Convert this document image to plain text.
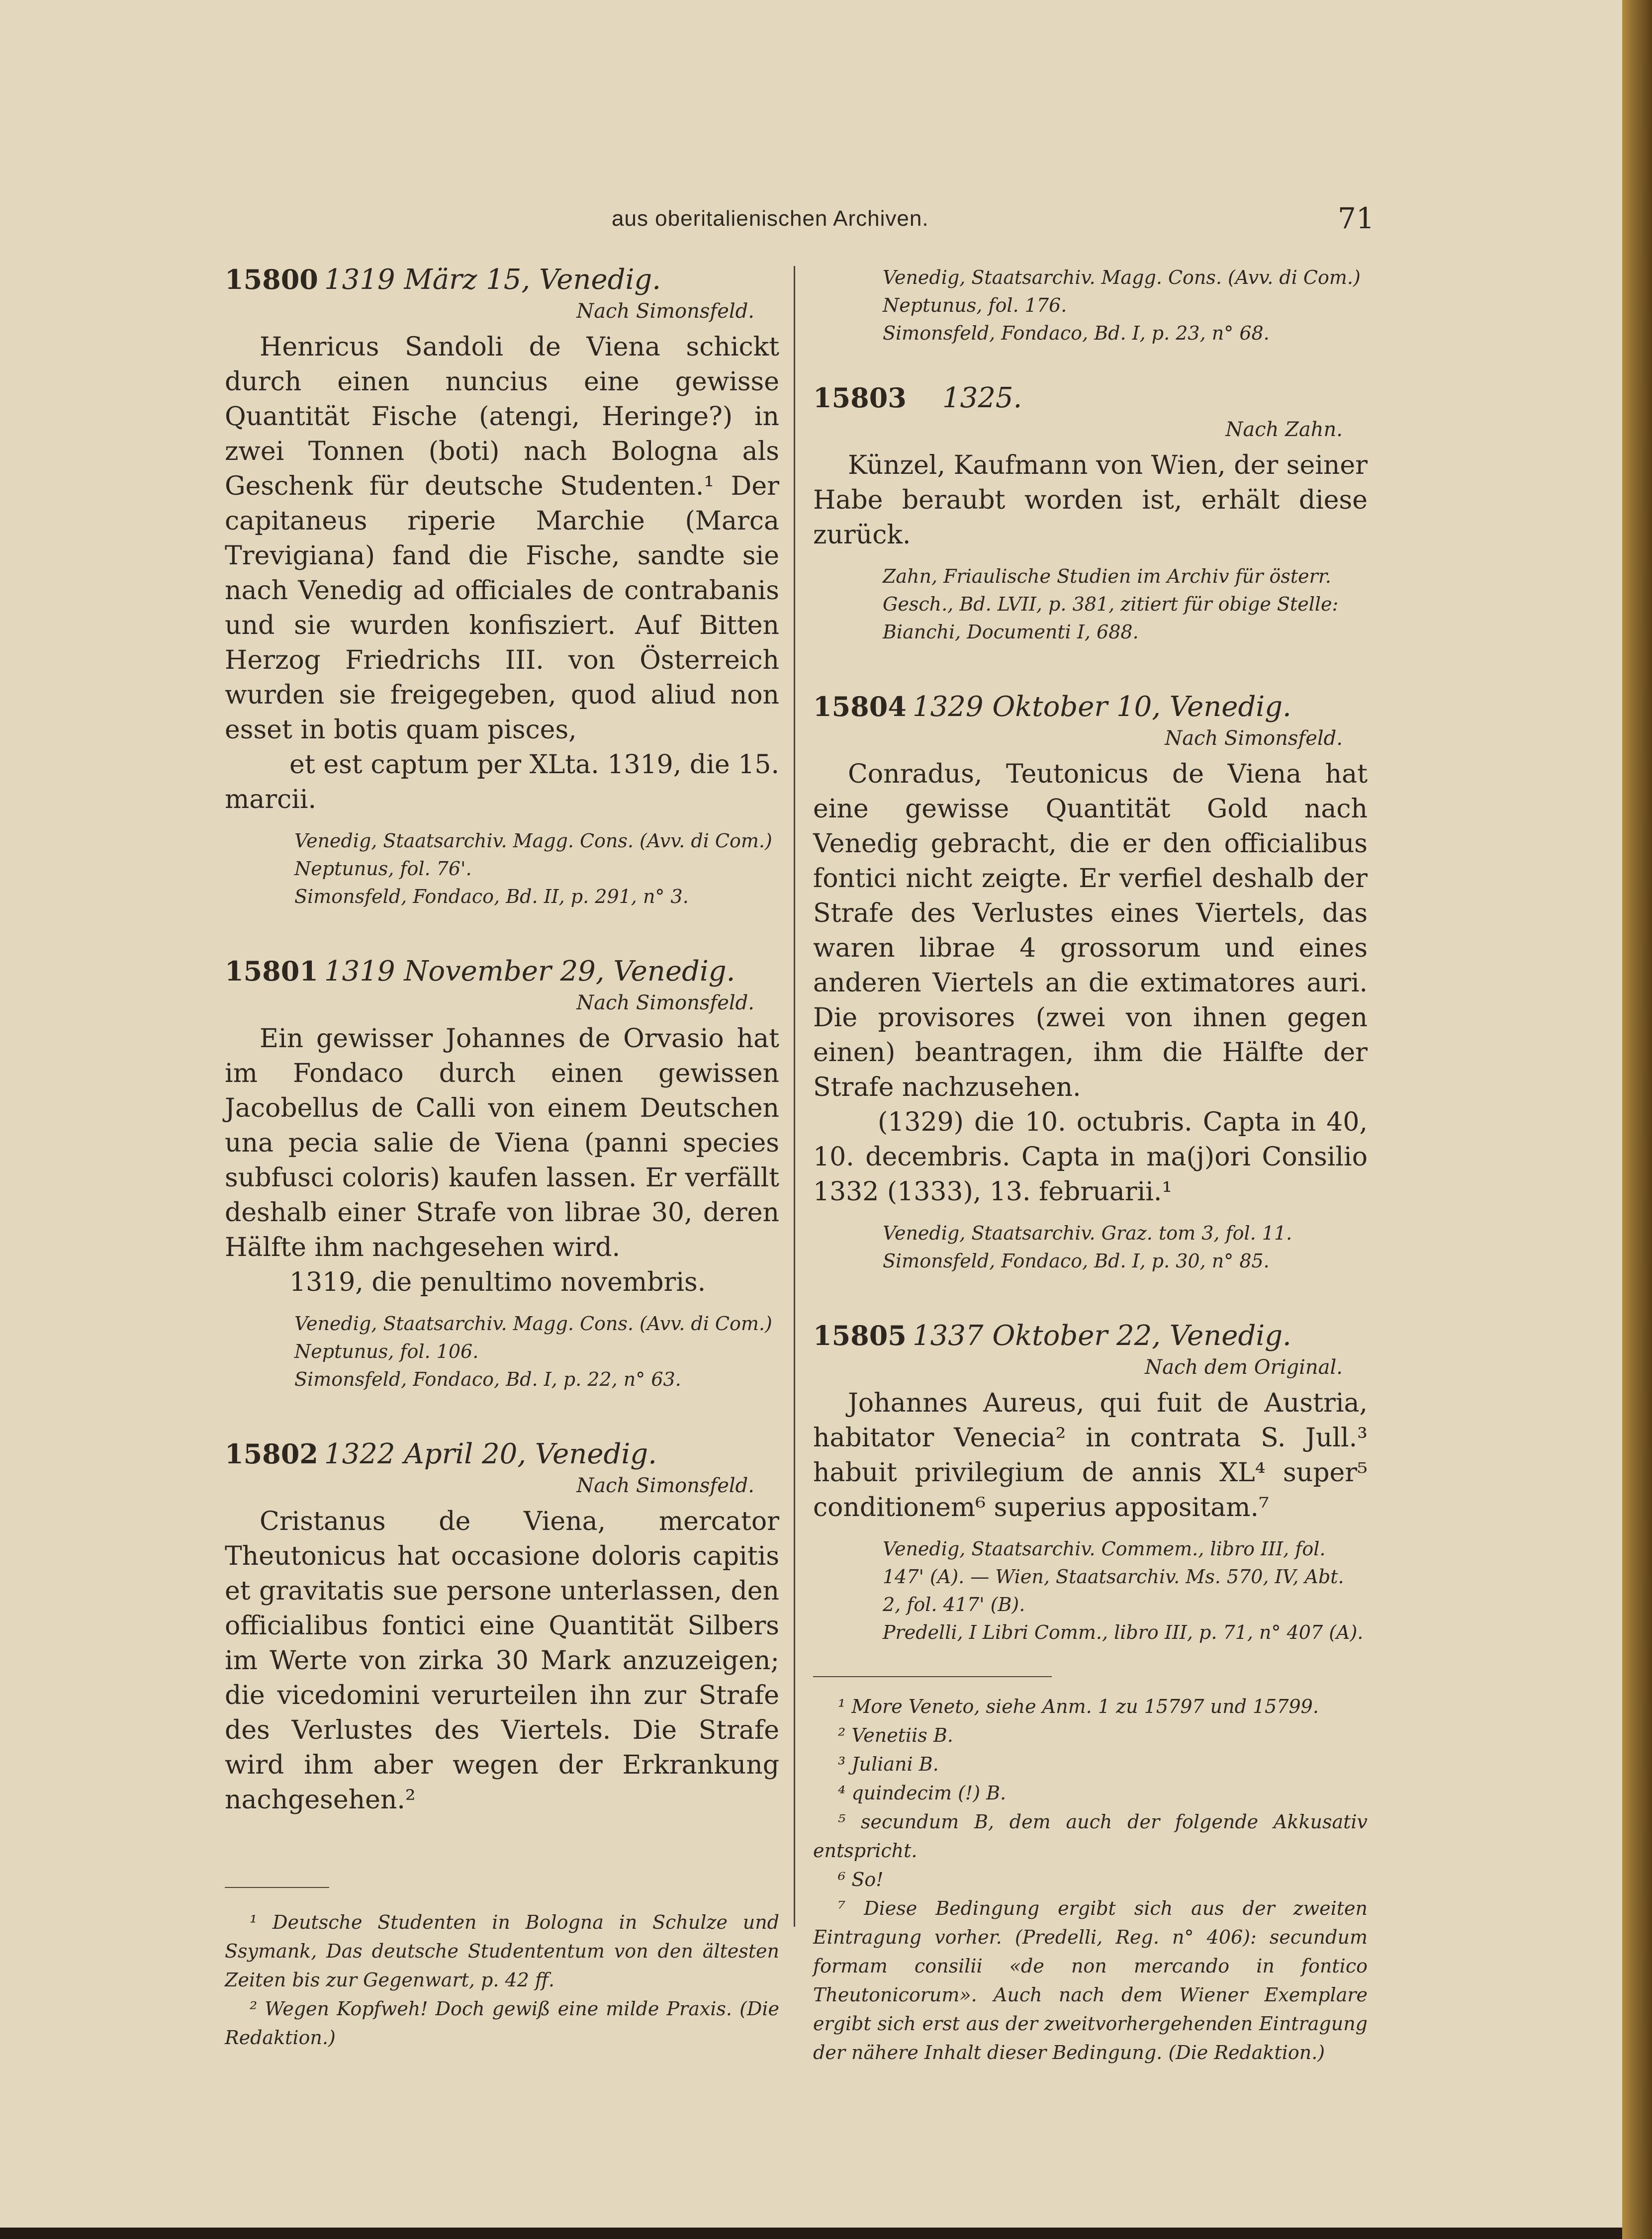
aus oberitalienischen Archiven.	71
15800 1319 März 15, Venedig.
Nach Simonsfeld.

Henricus Sandoli de Viena schickt durch einen nuncius eine gewisse Quantität Fische (atengi, Heringe?) in zwei Tonnen (boti) nach Bologna als Geschenk für deutsche Studenten.¹ Der capitaneus riperie Marchie (Marca Trevigiana) fand die Fische, sandte sie nach Venedig ad officiales de contrabanis und sie wurden konfisziert. Auf Bitten Herzog Friedrichs III. von Österreich wurden sie freigegeben, quod aliud non esset in botis quam pisces,

et est captum per XLta. 1319, die 15. marcii.

Venedig, Staatsarchiv. Magg. Cons. (Avv. di Com.) Neptunus, fol. 76'.

Simonsfeld, Fondaco, Bd. II, p. 291, n° 3.

15801 1319 November 29, Venedig.
Nach Simonsfeld.

Ein gewisser Johannes de Orvasio hat im Fondaco durch einen gewissen Jacobellus de Calli von einem Deutschen una pecia salie de Viena (panni species subfusci coloris) kaufen lassen. Er verfällt deshalb einer Strafe von librae 30, deren Hälfte ihm nachgesehen wird.

1319, die penultimo novembris.

Venedig, Staatsarchiv. Magg. Cons. (Avv. di Com.) Neptunus, fol. 106.

Simonsfeld, Fondaco, Bd. I, p. 22, n° 63.

15802 1322 April 20, Venedig.
Nach Simonsfeld.

Cristanus de Viena, mercator Theutonicus hat occasione doloris capitis et gravitatis sue persone unterlassen, den officialibus fontici eine Quantität Silbers im Werte von zirka 30 Mark anzuzeigen; die vicedomini verurteilen ihn zur Strafe des Verlustes des Viertels. Die Strafe wird ihm aber wegen der Erkrankung nachgesehen.²

¹ Deutsche Studenten in Bologna in Schulze und Ssymank, Das deutsche Studententum von den ältesten Zeiten bis zur Gegenwart, p. 42 ff.

² Wegen Kopfweh! Doch gewiß eine milde Praxis. (Die Redaktion.)

Venedig, Staatsarchiv. Magg. Cons. (Avv. di Com.) Neptunus, fol. 176.

Simonsfeld, Fondaco, Bd. I, p. 23, n° 68.

15803	1325.
Nach Zahn.

Künzel, Kaufmann von Wien, der seiner Habe beraubt worden ist, erhält diese zurück.

Zahn, Friaulische Studien im Archiv für österr. Gesch., Bd. LVII, p. 381, zitiert für obige Stelle: Bianchi, Documenti I, 688.

15804 1329 Oktober 10, Venedig.
Nach Simonsfeld.

Conradus, Teutonicus de Viena hat eine gewisse Quantität Gold nach Venedig gebracht, die er den officialibus fontici nicht zeigte. Er verfiel deshalb der Strafe des Verlustes eines Viertels, das waren librae 4 grossorum und eines anderen Viertels an die extimatores auri. Die provisores (zwei von ihnen gegen einen) beantragen, ihm die Hälfte der Strafe nachzusehen.

(1329) die 10. octubris. Capta in 40, 10. decembris. Capta in ma(j)ori Consilio 1332 (1333), 13. februarii.¹

Venedig, Staatsarchiv. Graz. tom 3, fol. 11.

Simonsfeld, Fondaco, Bd. I, p. 30, n° 85.

15805 1337 Oktober 22, Venedig.
Nach dem Original.

Johannes Aureus, qui fuit de Austria, habitator Venecia² in contrata S. Jull.³ habuit privilegium de annis XL⁴ super⁵ conditionem⁶ superius appositam.⁷

Venedig, Staatsarchiv. Commem., libro III, fol. 147' (A). — Wien, Staatsarchiv. Ms. 570, IV, Abt. 2, fol. 417' (B).

Predelli, I Libri Comm., libro III, p. 71, n° 407 (A).

¹ More Veneto, siehe Anm. 1 zu 15797 und 15799.

² Venetiis B.

³ Juliani B.

⁴ quindecim (!) B.

⁵ secundum B, dem auch der folgende Akkusativ entspricht.

⁶ So!

⁷ Diese Bedingung ergibt sich aus der zweiten Eintragung vorher. (Predelli, Reg. n° 406): secundum formam consilii «de non mercando in fontico Theutonicorum». Auch nach dem Wiener Exemplare ergibt sich erst aus der zweitvorhergehenden Eintragung der nähere Inhalt dieser Bedingung. (Die Redaktion.)
